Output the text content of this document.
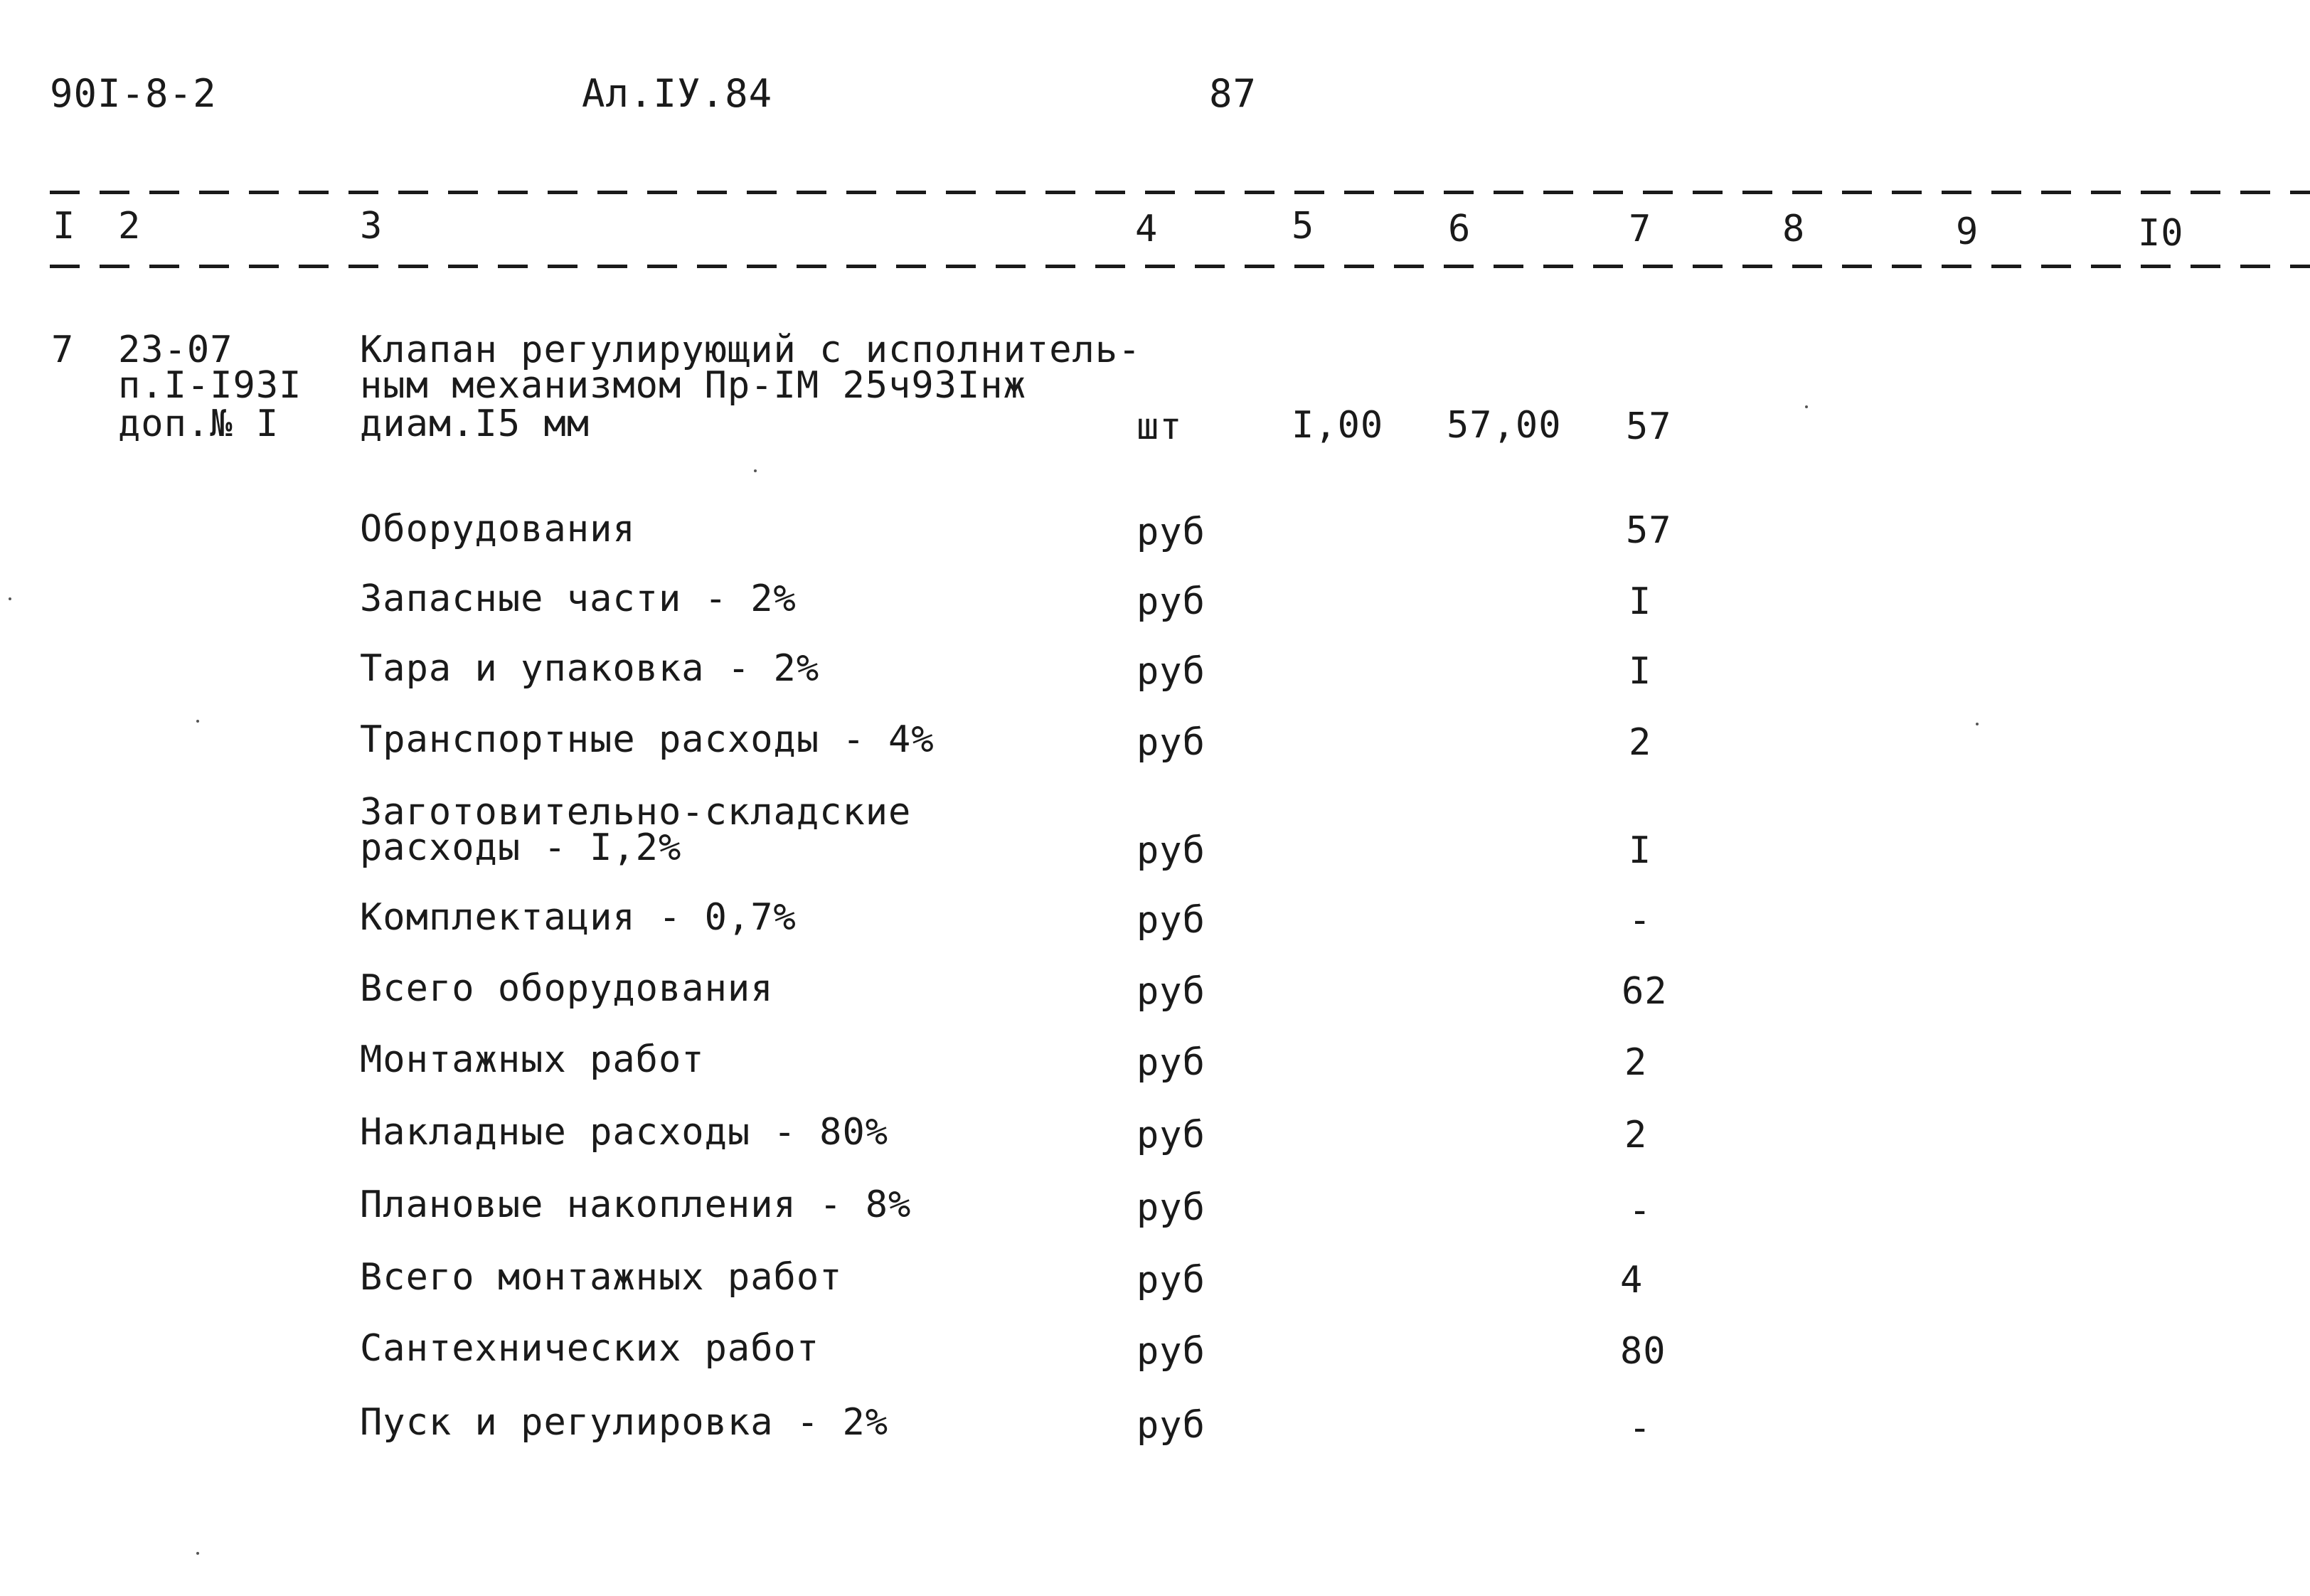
90I-8-2	Ал.IУ.84	87
I 2	3	4	5	6	7	8	9	I0
7 23-07
п.I-I93I
доп.№ I
Клапан регулирующий с исполнитель-
ным механизмом Пр-IМ 25ч93Iнж
диам.I5 мм	шт	I,00 57,00 57
Оборудования	руб	57
Запасные части - 2%	руб	I
Тара и упаковка - 2%	руб	I
Транспортные расходы - 4%	руб	2
Заготовительно-складские
расходы - I,2%	руб	I
Комплектация - 0,7%	руб	-
Всего оборудования	руб	62
Монтажных работ	руб	2
Накладные расходы - 80%	руб	2
Плановые накопления - 8%	руб	-
Всего монтажных работ	руб	4
Сантехнических работ	руб	80
Пуск и регулировка - 2%	руб	-
